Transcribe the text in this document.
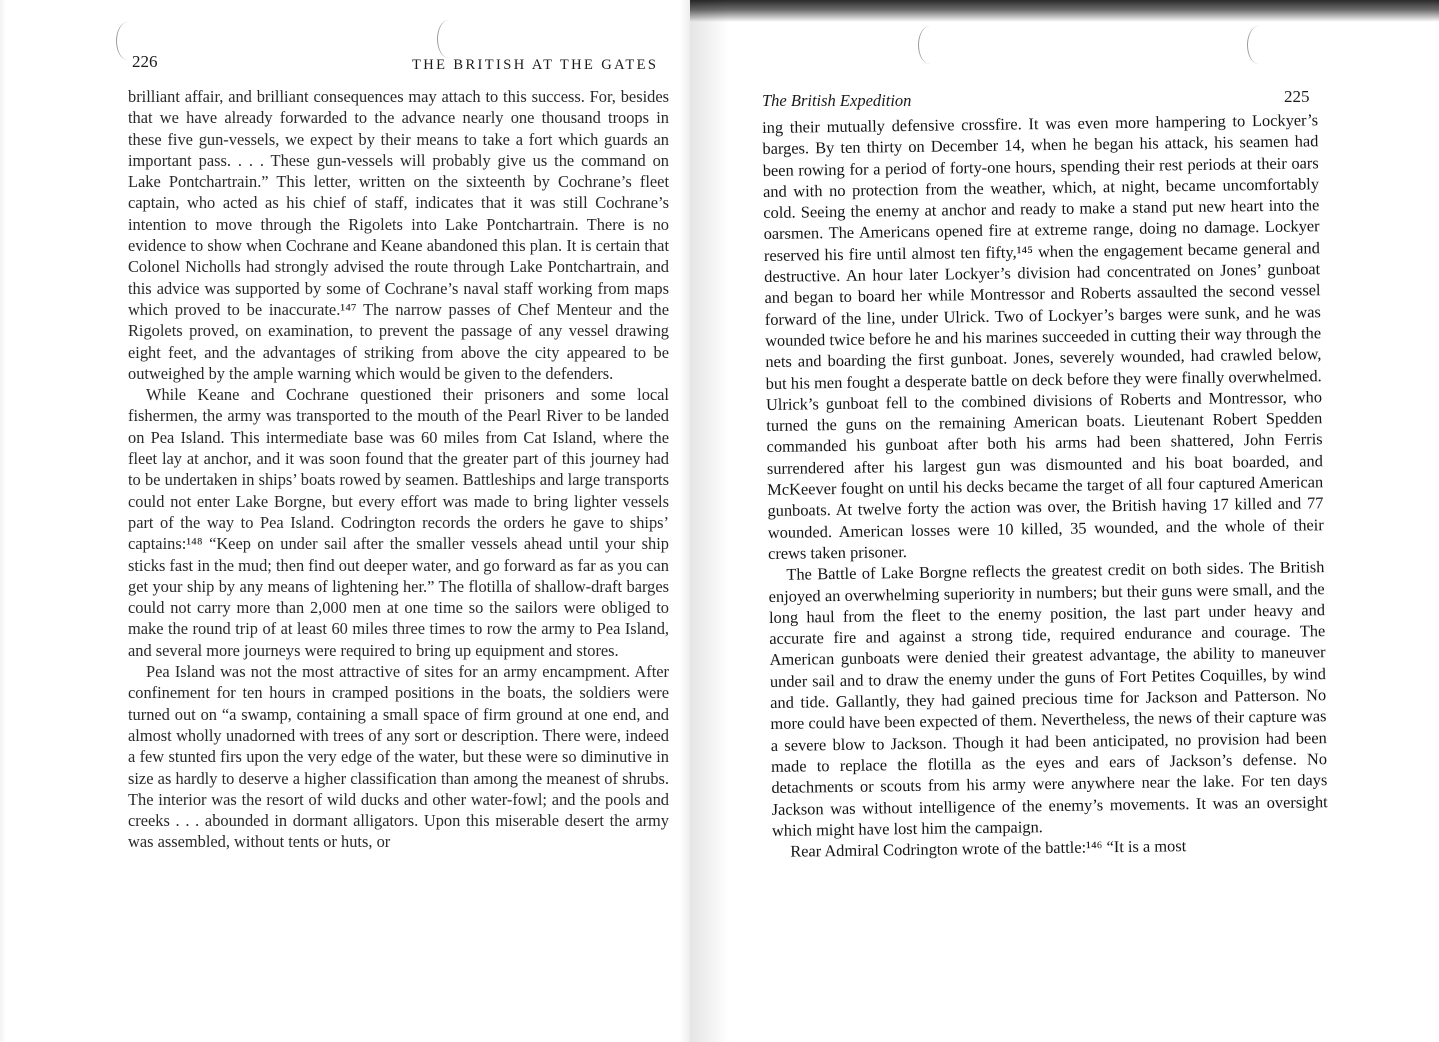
226	THE BRITISH AT THE GATES

brilliant affair, and brilliant consequences may attach to this success. For, besides that we have already forwarded to the advance nearly one thousand troops in these five gun-vessels, we expect by their means to take a fort which guards an important pass. . . . These gun-vessels will probably give us the command on Lake Pontchartrain.” This letter, written on the sixteenth by Cochrane’s fleet captain, who acted as his chief of staff, indicates that it was still Cochrane’s intention to move through the Rigolets into Lake Pontchartrain. There is no evidence to show when Cochrane and Keane abandoned this plan. It is certain that Colonel Nicholls had strongly advised the route through Lake Pontchartrain, and this advice was supported by some of Cochrane’s naval staff working from maps which proved to be inaccurate.¹⁴⁷ The narrow passes of Chef Menteur and the Rigolets proved, on examination, to prevent the passage of any vessel drawing eight feet, and the advantages of striking from above the city appeared to be outweighed by the ample warning which would be given to the defenders.

While Keane and Cochrane questioned their prisoners and some local fishermen, the army was transported to the mouth of the Pearl River to be landed on Pea Island. This intermediate base was 60 miles from Cat Island, where the fleet lay at anchor, and it was soon found that the greater part of this journey had to be undertaken in ships’ boats rowed by seamen. Battleships and large transports could not enter Lake Borgne, but every effort was made to bring lighter vessels part of the way to Pea Island. Codrington records the orders he gave to ships’ captains:¹⁴⁸ “Keep on under sail after the smaller vessels ahead until your ship sticks fast in the mud; then find out deeper water, and go forward as far as you can get your ship by any means of lightening her.” The flotilla of shallow-draft barges could not carry more than 2,000 men at one time so the sailors were obliged to make the round trip of at least 60 miles three times to row the army to Pea Island, and several more journeys were required to bring up equipment and stores.

Pea Island was not the most attractive of sites for an army encampment. After confinement for ten hours in cramped positions in the boats, the soldiers were turned out on “a swamp, containing a small space of firm ground at one end, and almost wholly unadorned with trees of any sort or description. There were, indeed a few stunted firs upon the very edge of the water, but these were so diminutive in size as hardly to deserve a higher classification than among the meanest of shrubs. The interior was the resort of wild ducks and other water-fowl; and the pools and creeks . . . abounded in dormant alligators. Upon this miserable desert the army was assembled, without tents or huts, or

The British Expedition	225

ing their mutually defensive crossfire. It was even more hampering to Lockyer’s barges. By ten thirty on December 14, when he began his attack, his seamen had been rowing for a period of forty-one hours, spending their rest periods at their oars and with no protection from the weather, which, at night, became uncomfortably cold. Seeing the enemy at anchor and ready to make a stand put new heart into the oarsmen. The Americans opened fire at extreme range, doing no damage. Lockyer reserved his fire until almost ten fifty,¹⁴⁵ when the engagement became general and destructive. An hour later Lockyer’s division had concentrated on Jones’ gunboat and began to board her while Montressor and Roberts assaulted the second vessel forward of the line, under Ulrick. Two of Lockyer’s barges were sunk, and he was wounded twice before he and his marines succeeded in cutting their way through the nets and boarding the first gunboat. Jones, severely wounded, had crawled below, but his men fought a desperate battle on deck before they were finally overwhelmed. Ulrick’s gunboat fell to the combined divisions of Roberts and Montressor, who turned the guns on the remaining American boats. Lieutenant Robert Spedden commanded his gunboat after both his arms had been shattered, John Ferris surrendered after his largest gun was dismounted and his boat boarded, and McKeever fought on until his decks became the target of all four captured American gunboats. At twelve forty the action was over, the British having 17 killed and 77 wounded. American losses were 10 killed, 35 wounded, and the whole of their crews taken prisoner.

The Battle of Lake Borgne reflects the greatest credit on both sides. The British enjoyed an overwhelming superiority in numbers; but their guns were small, and the long haul from the fleet to the enemy position, the last part under heavy and accurate fire and against a strong tide, required endurance and courage. The American gunboats were denied their greatest advantage, the ability to maneuver under sail and to draw the enemy under the guns of Fort Petites Coquilles, by wind and tide. Gallantly, they had gained precious time for Jackson and Patterson. No more could have been expected of them. Nevertheless, the news of their capture was a severe blow to Jackson. Though it had been anticipated, no provision had been made to replace the flotilla as the eyes and ears of Jackson’s defense. No detachments or scouts from his army were anywhere near the lake. For ten days Jackson was without intelligence of the enemy’s movements. It was an oversight which might have lost him the campaign.

Rear Admiral Codrington wrote of the battle:¹⁴⁶ “It is a most
